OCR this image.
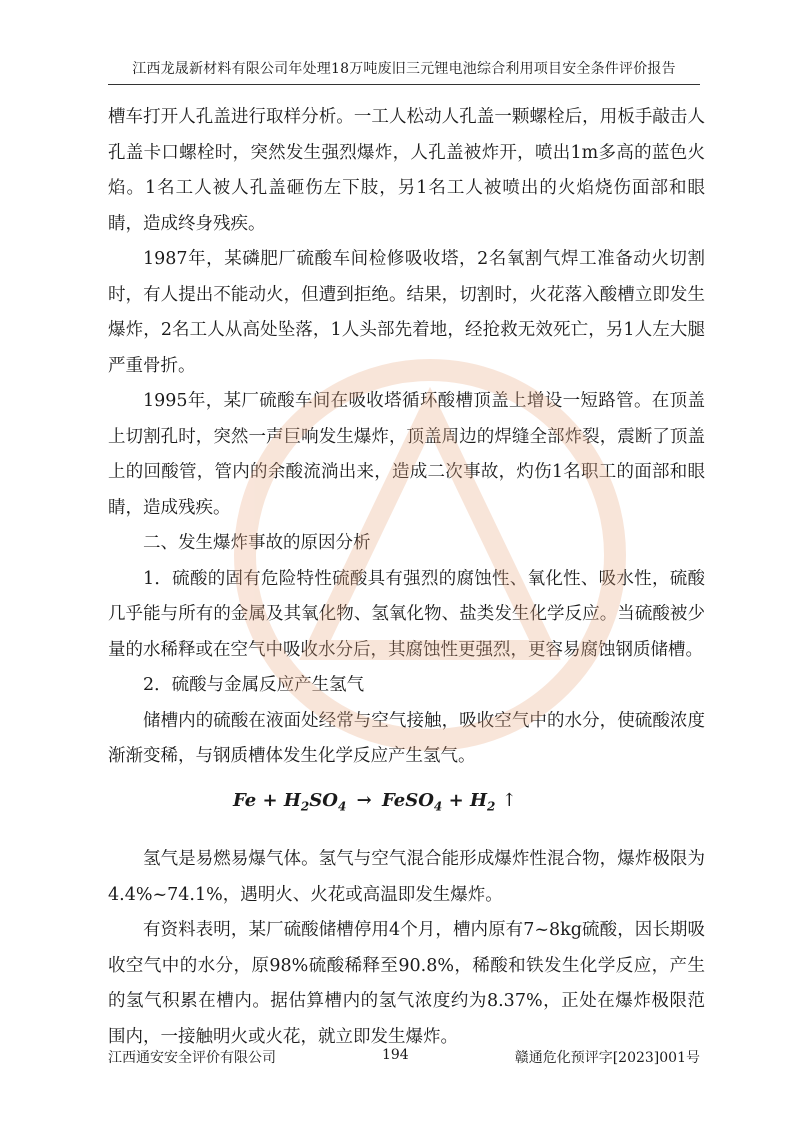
江西龙晟新材料有限公司年处理18万吨废旧三元锂电池综合利用项目安全条件评价报告

槽车打开人孔盖进行取样分析。一工人松动人孔盖一颗螺栓后，用板手敲击人孔盖卡口螺栓时，突然发生强烈爆炸，人孔盖被炸开，喷出1m多高的蓝色火焰。1名工人被人孔盖砸伤左下肢，另1名工人被喷出的火焰烧伤面部和眼睛，造成终身残疾。

1987年，某磷肥厂硫酸车间检修吸收塔，2名氧割气焊工准备动火切割时，有人提出不能动火，但遭到拒绝。结果，切割时，火花落入酸槽立即发生爆炸，2名工人从高处坠落，1人头部先着地，经抢救无效死亡，另1人左大腿严重骨折。

1995年，某厂硫酸车间在吸收塔循环酸槽顶盖上增设一短路管。在顶盖上切割孔时，突然一声巨响发生爆炸，顶盖周边的焊缝全部炸裂，震断了顶盖上的回酸管，管内的余酸流淌出来，造成二次事故，灼伤1名职工的面部和眼睛，造成残疾。

二、发生爆炸事故的原因分析

1．硫酸的固有危险特性硫酸具有强烈的腐蚀性、氧化性、吸水性，硫酸几乎能与所有的金属及其氧化物、氢氧化物、盐类发生化学反应。当硫酸被少量的水稀释或在空气中吸收水分后，其腐蚀性更强烈，更容易腐蚀钢质储槽。

2．硫酸与金属反应产生氢气

储槽内的硫酸在液面处经常与空气接触，吸收空气中的水分，使硫酸浓度渐渐变稀，与钢质槽体发生化学反应产生氢气。

$Fe + H_2SO_4$ → FeSO$_4$ + $H_2$ ↑

氢气是易燃易爆气体。氢气与空气混合能形成爆炸性混合物，爆炸极限为4.4%~74.1%，遇明火、火花或高温即发生爆炸。

有资料表明，某厂硫酸储槽停用4个月，槽内原有7~8kg硫酸，因长期吸收空气中的水分，原98%硫酸稀释至90.8%，稀酸和铁发生化学反应，产生的氢气积累在槽内。据估算槽内的氢气浓度约为8.37%，正处在爆炸极限范围内，一接触明火或火花，就立即发生爆炸。

江西通安安全评价有限公司	194	赣通危化预评字[2023]001号
